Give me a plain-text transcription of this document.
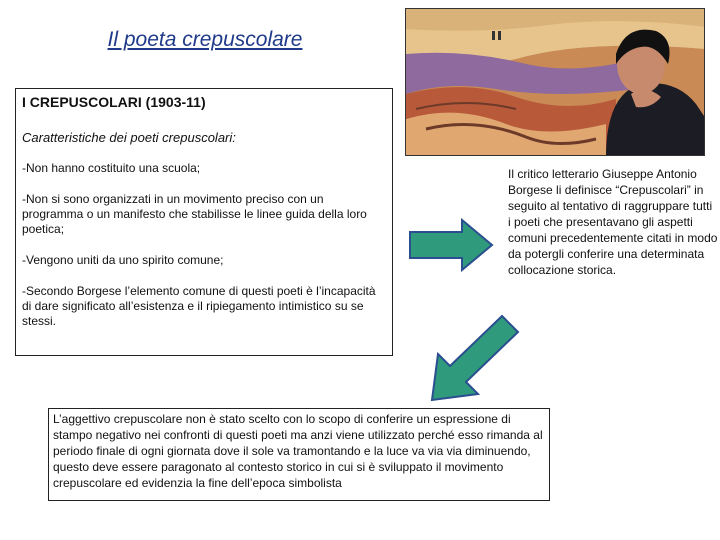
Il poeta crepuscolare
I CREPUSCOLARI (1903-11)
Caratteristiche dei poeti crepuscolari:
-Non hanno costituito una scuola;
-Non si sono organizzati in un movimento preciso con un programma o un manifesto che stabilisse le linee guida della loro poetica;
-Vengono uniti da uno spirito comune;
-Secondo Borgese l’elemento comune di questi poeti è l’incapacità di dare significato all’esistenza e il ripiegamento intimistico su se stessi.
Il critico letterario Giuseppe Antonio Borgese li definisce “Crepuscolari” in seguito al tentativo di raggruppare tutti i poeti che presentavano gli aspetti comuni precedentemente citati in modo da potergli conferire una determinata collocazione storica.
L’aggettivo crepuscolare non è stato scelto con lo scopo di conferire un espressione di stampo negativo nei confronti di questi poeti ma anzi viene utilizzato perché esso rimanda al periodo finale di ogni giornata dove il sole va tramontando e la luce va via via diminuendo, questo deve essere paragonato al contesto storico in cui si è sviluppato il movimento crepuscolare ed evidenzia la fine dell’epoca simbolista
